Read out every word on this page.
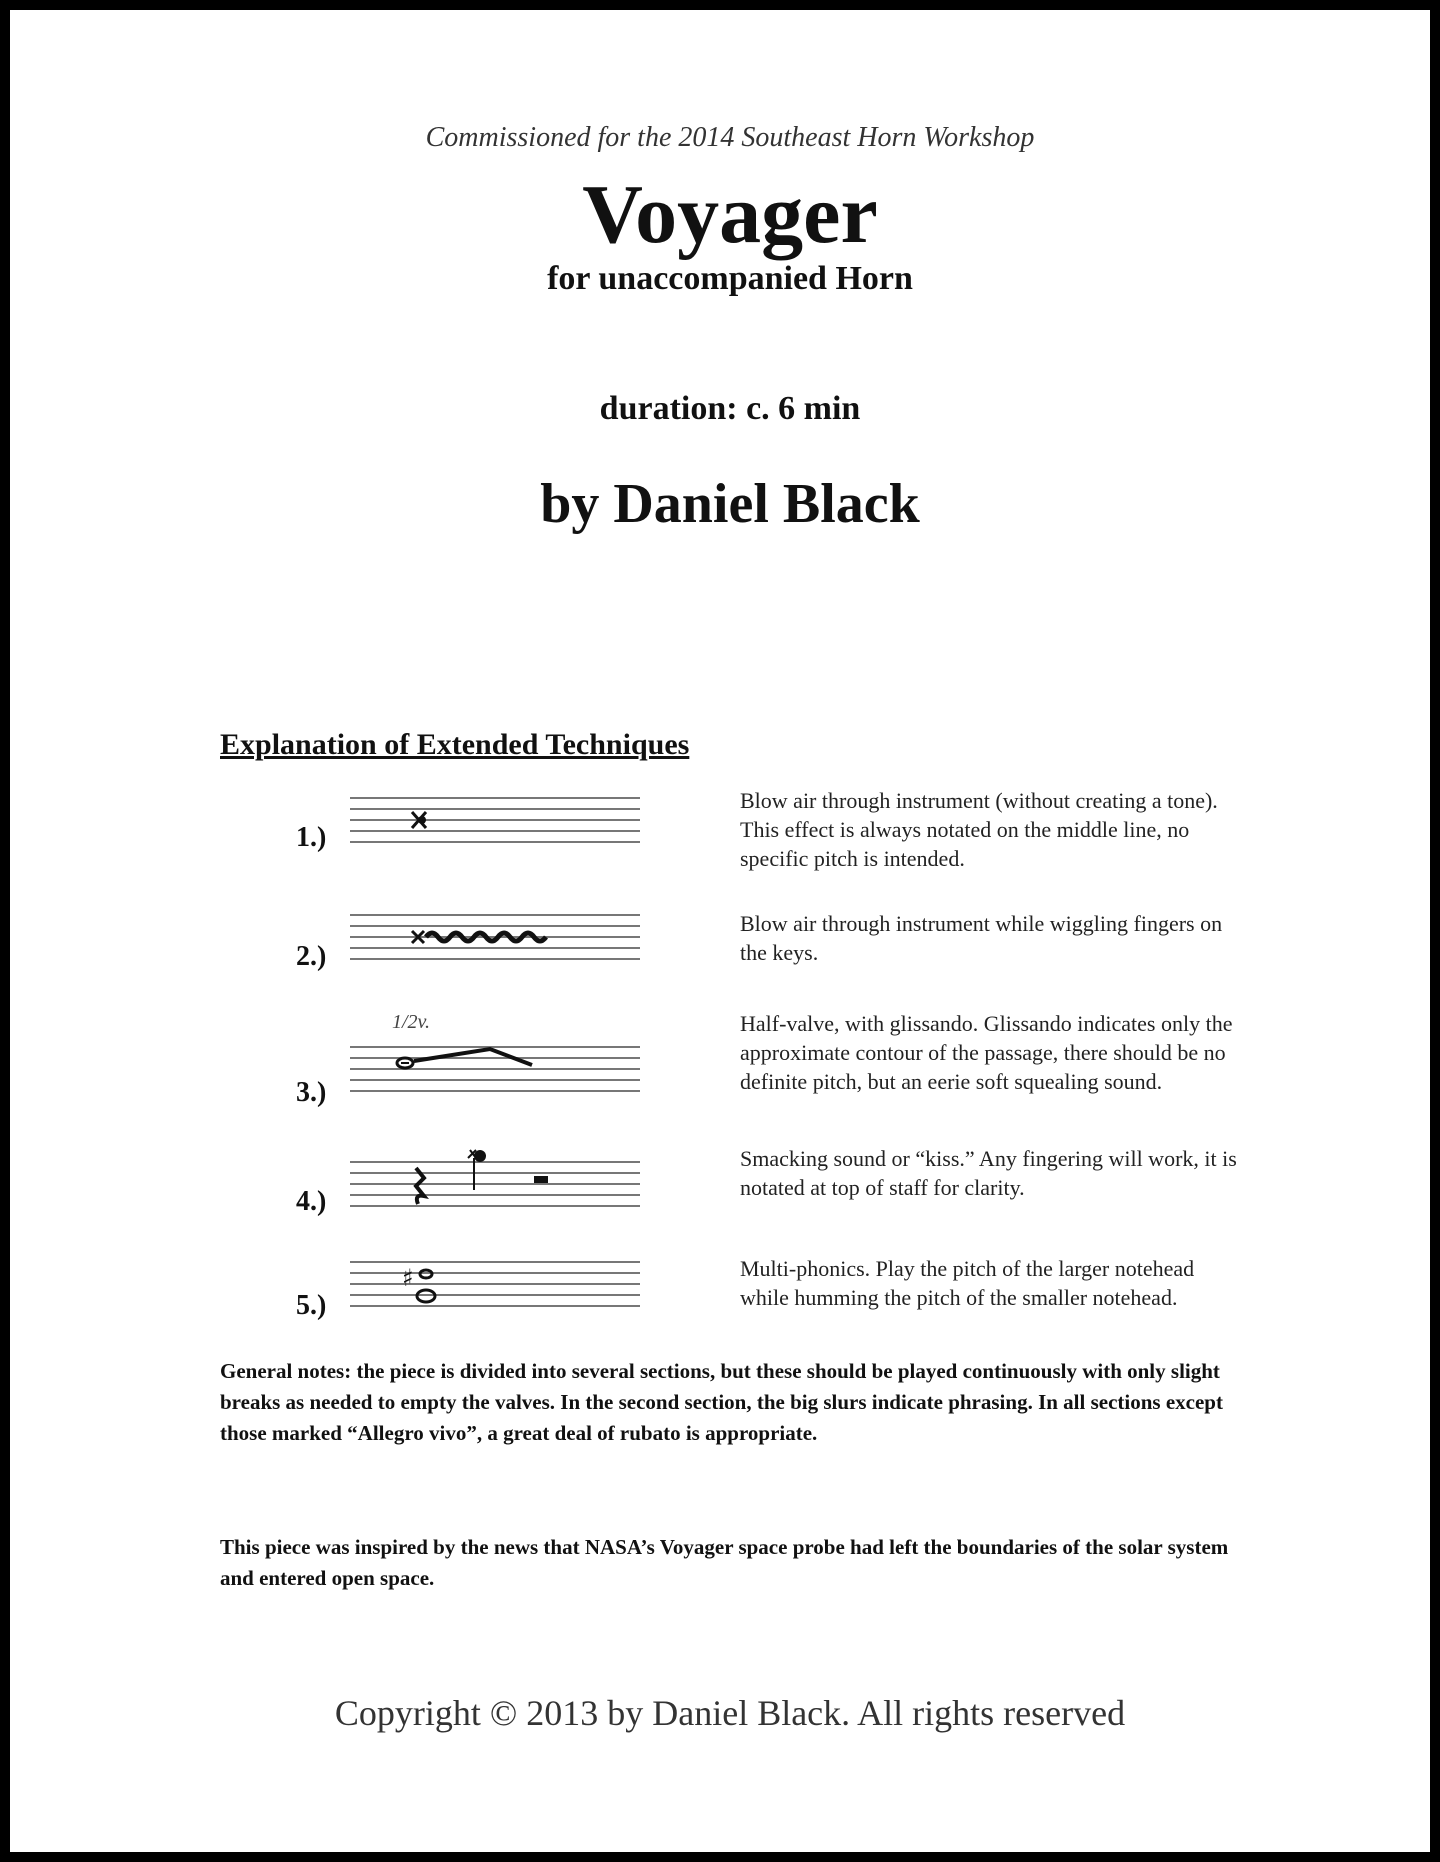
Commissioned for the 2014 Southeast Horn Workshop
Voyager
for unaccompanied Horn
duration: c. 6 min
by Daniel Black
Explanation of Extended Techniques
1.)
Blow air through instrument (without creating a tone). This effect is always notated on the middle line, no specific pitch is intended.
2.)
Blow air through instrument while wiggling fingers on the keys.
3.)
1/2v.	Half-valve, with glissando. Glissando indicates only the approximate contour of the passage, there should be no definite pitch, but an eerie soft squealing sound.
4.)
Smacking sound or “kiss.” Any fingering will work, it is notated at top of staff for clarity.
5.)
♯	Multi-phonics. Play the pitch of the larger notehead while humming the pitch of the smaller notehead.
General notes: the piece is divided into several sections, but these should be played continuously with only slight breaks as needed to empty the valves. In the second section, the big slurs indicate phrasing. In all sections except those marked “Allegro vivo”, a great deal of rubato is appropriate.
This piece was inspired by the news that NASA’s Voyager space probe had left the boundaries of the solar system and entered open space.
Copyright © 2013 by Daniel Black. All rights reserved
